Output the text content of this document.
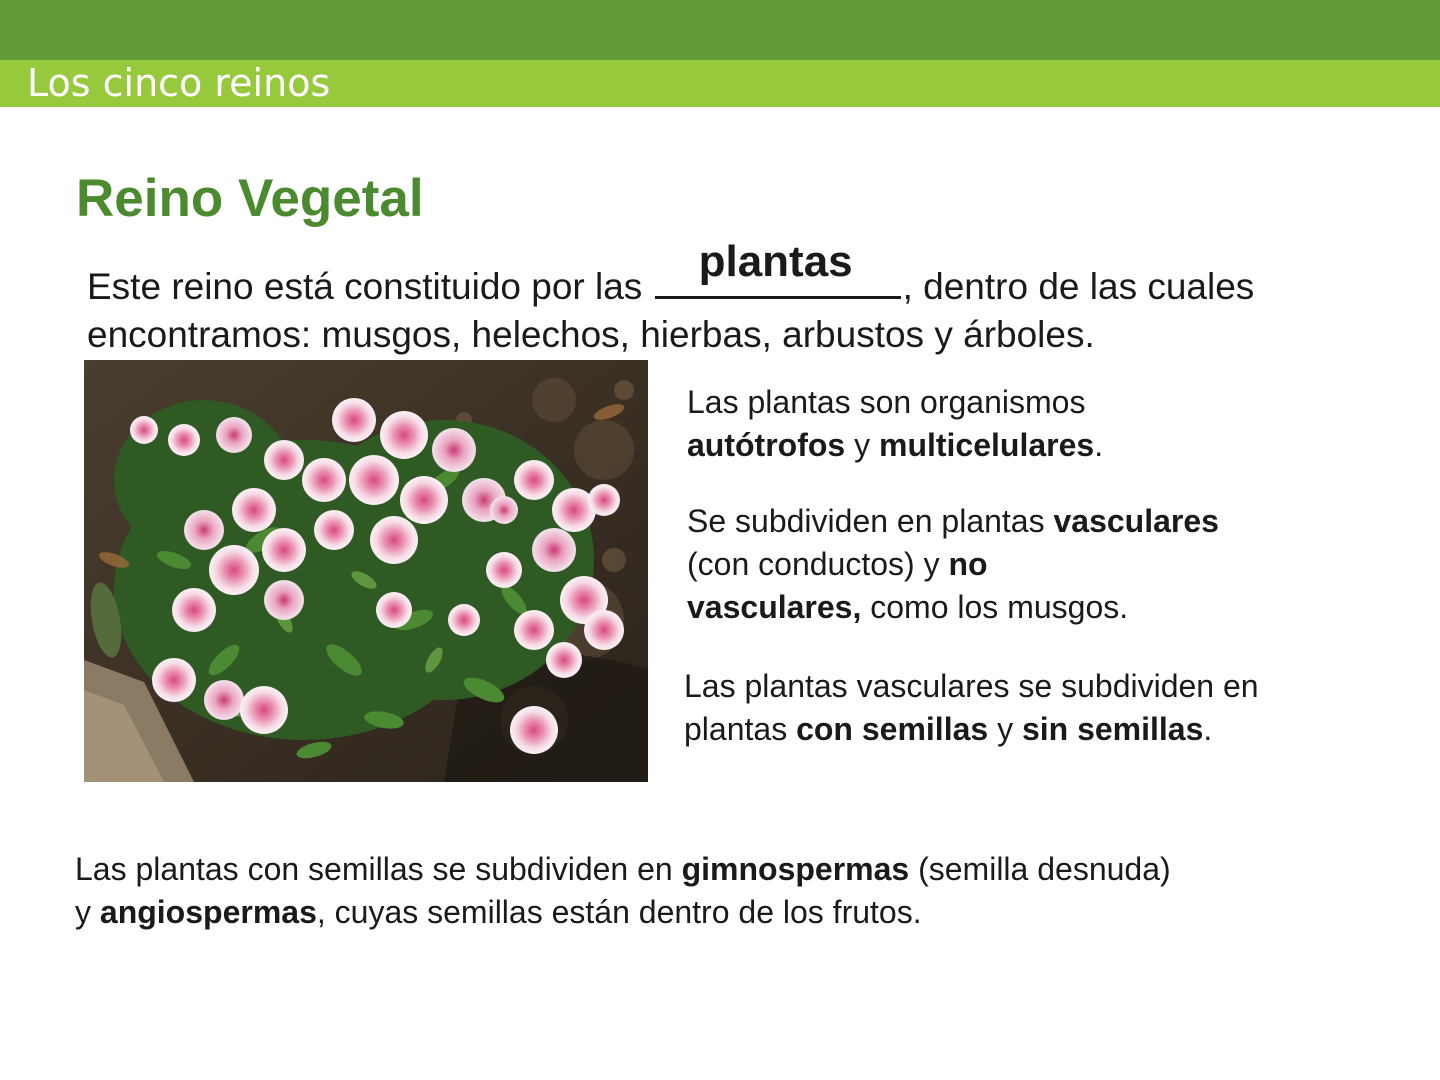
Los cinco reinos
Reino Vegetal
Este reino está constituido por las
plantas
, dentro de las cuales
encontramos: musgos, helechos, hierbas, arbustos y árboles.
Las plantas son organismos
autótrofos y multicelulares.
Se subdividen en plantas vasculares
(con conductos) y no
vasculares, como los musgos.
Las plantas vasculares se subdividen en
plantas con semillas y sin semillas.
Las plantas con semillas se subdividen en gimnospermas (semilla desnuda)
y angiospermas, cuyas semillas están dentro de los frutos.
